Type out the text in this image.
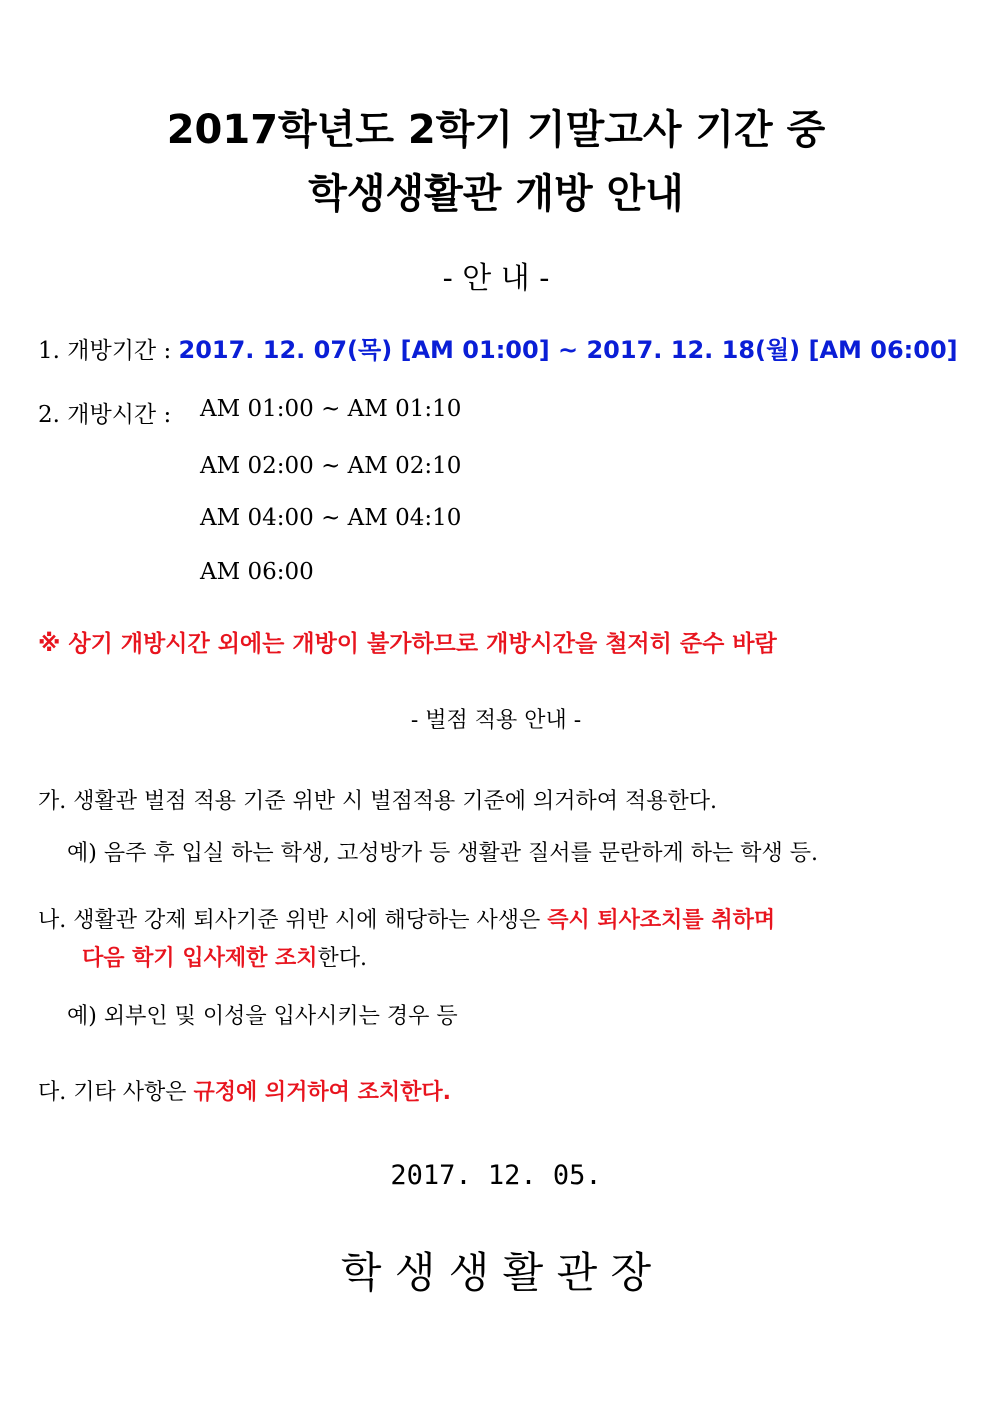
2017학년도 2학기 기말고사 기간 중
학생생활관 개방 안내
- 안 내 -
1. 개방기간 : 2017. 12. 07(목) [AM 01:00] ~ 2017. 12. 18(월) [AM 06:00]
2. 개방시간 : AM 01:00 ~ AM 01:10
AM 02:00 ~ AM 02:10
AM 04:00 ~ AM 04:10
AM 06:00
※ 상기 개방시간 외에는 개방이 불가하므로 개방시간을 철저히 준수 바람
- 벌점 적용 안내 -
가. 생활관 벌점 적용 기준 위반 시 벌점적용 기준에 의거하여 적용한다.
예) 음주 후 입실 하는 학생, 고성방가 등 생활관 질서를 문란하게 하는 학생 등.
나. 생활관 강제 퇴사기준 위반 시에 해당하는 사생은 즉시 퇴사조치를 취하며
다음 학기 입사제한 조치한다.
예) 외부인 및 이성을 입사시키는 경우 등
다. 기타 사항은 규정에 의거하여 조치한다.
2017. 12. 05.
학 생 생 활 관 장
